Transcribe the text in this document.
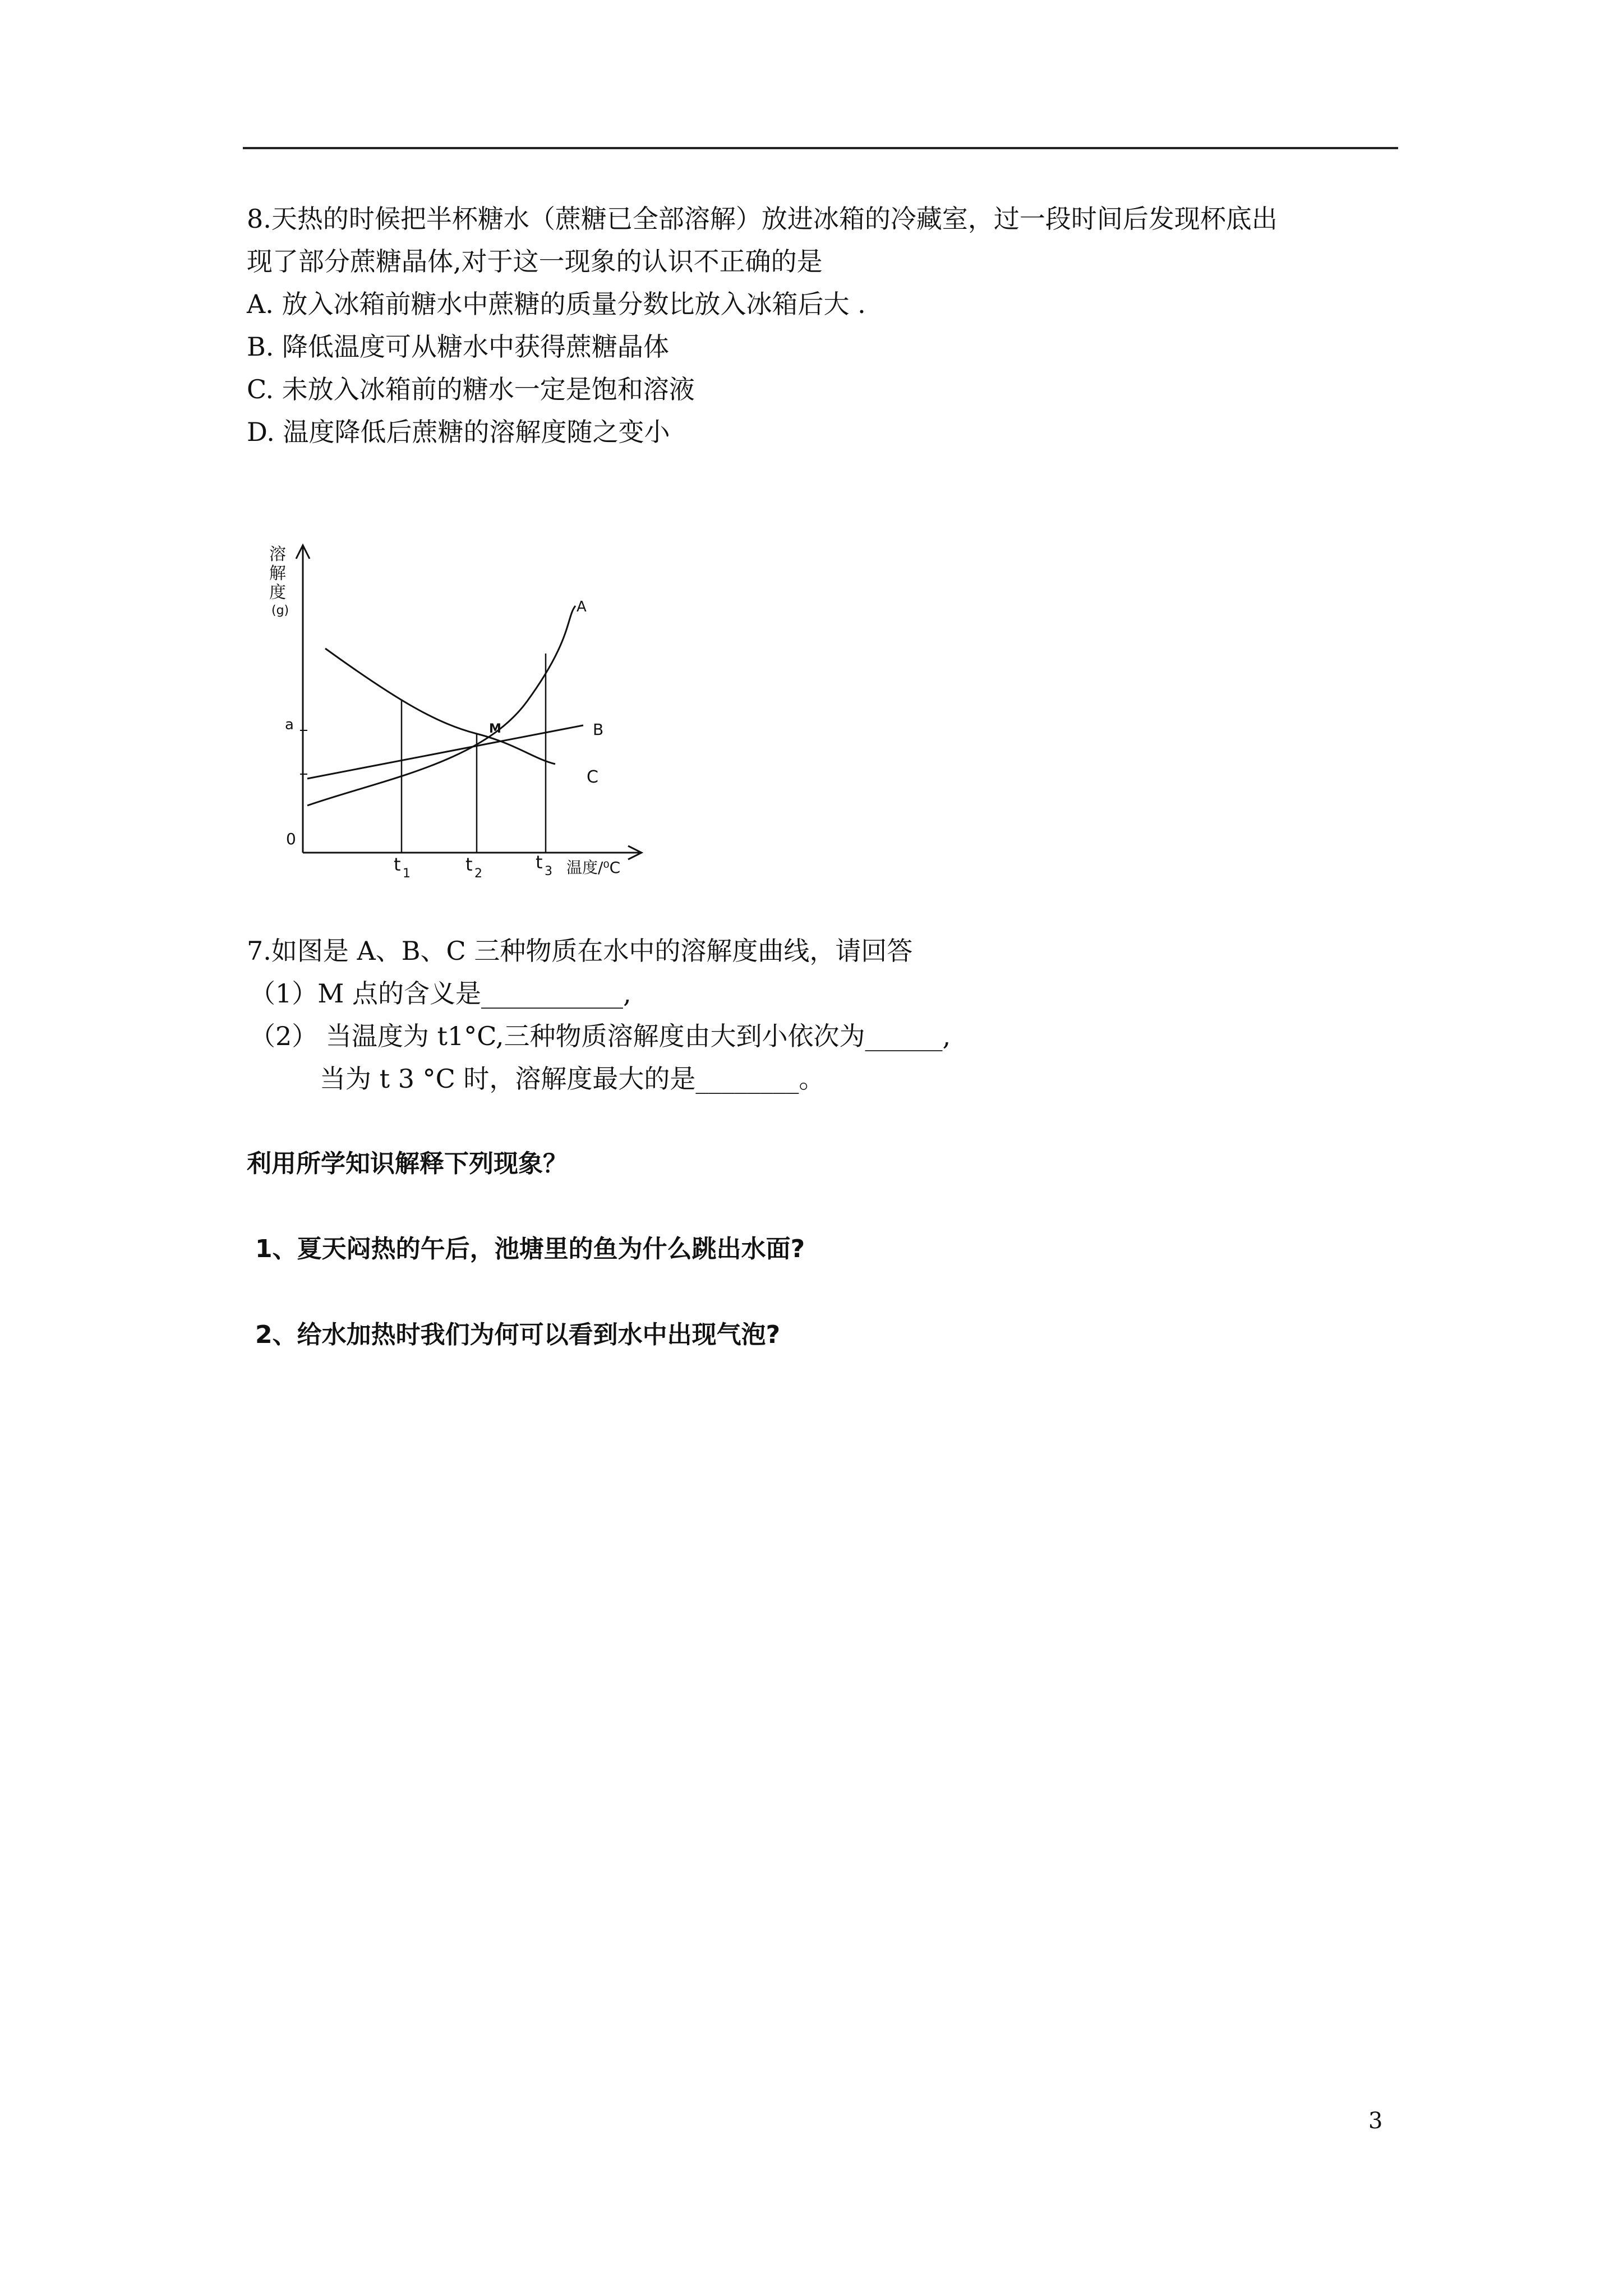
8.天热的时候把半杯糖水（蔗糖已全部溶解）放进冰箱的冷藏室，过一段时间后发现杯底出
现了部分蔗糖晶体,对于这一现象的认识不正确的是
A. 放入冰箱前糖水中蔗糖的质量分数比放入冰箱后大 .
B. 降低温度可从糖水中获得蔗糖晶体
C. 未放入冰箱前的糖水一定是饱和溶液
D. 温度降低后蔗糖的溶解度随之变小
溶
解
度
(g)
a
0
t 1	t 2
t 3 温度/⁰C
A
B
C
M
7.如图是 A、B、C 三种物质在水中的溶解度曲线，请回答
（1）M 点的含义是___________,
（2） 当温度为 t1°C,三种物质溶解度由大到小依次为______,
当为 t 3 °C 时，溶解度最大的是________。
利用所学知识解释下列现象？
1、夏天闷热的午后，池塘里的鱼为什么跳出水面?
2、给水加热时我们为何可以看到水中出现气泡?
3
